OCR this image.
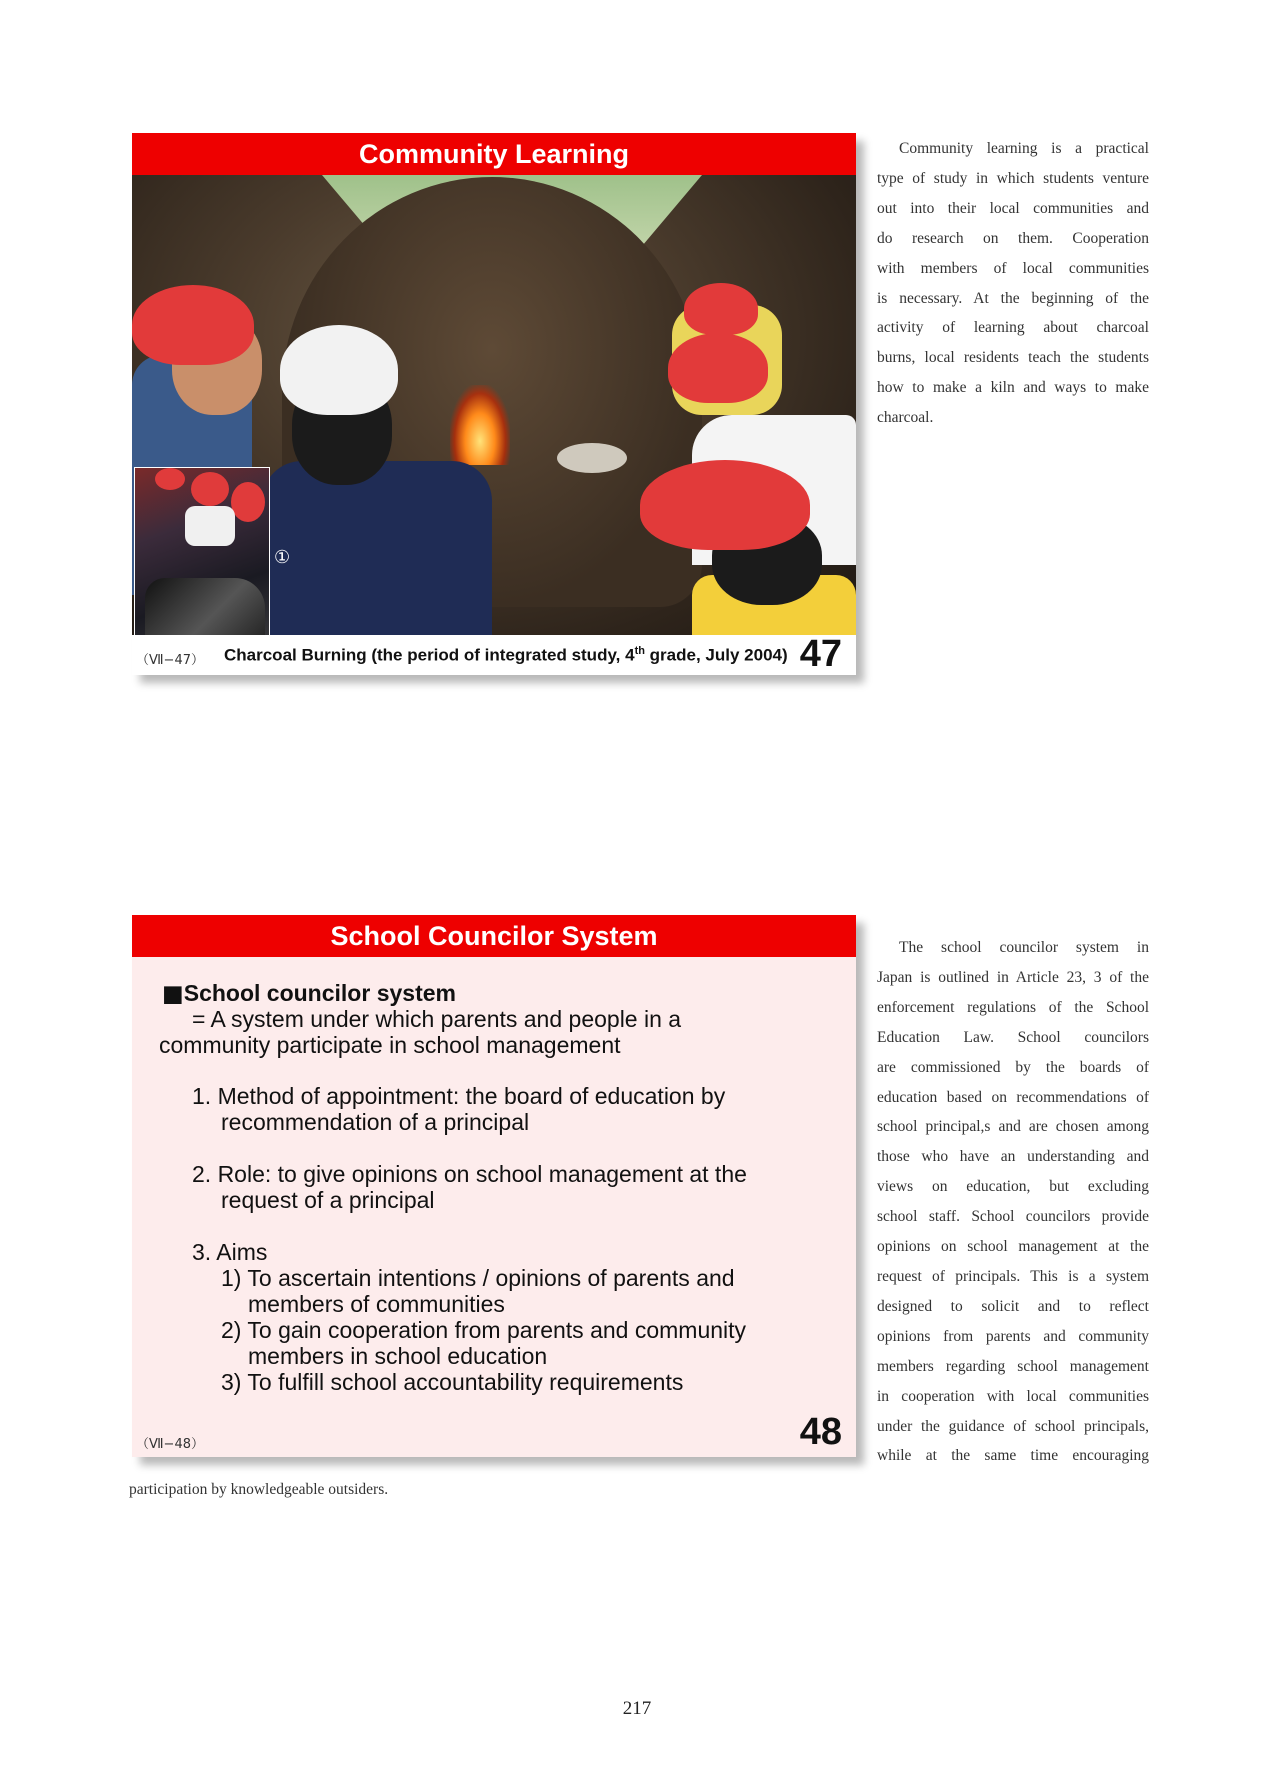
Community Learning
①
（Ⅶ−47） Charcoal Burning (the period of integrated study, 4th grade, July 2004) 47
Community learning is a practical
type of study in which students venture
out into their local communities and
do research on them. Cooperation
with members of local communities
is necessary. At the beginning of the
activity of learning about charcoal
burns, local residents teach the students
how to make a kiln and ways to make
charcoal.
School Councilor System
■School councilor system
= A system under which parents and people in a
community participate in school management
1. Method of appointment: the board of education by
recommendation of a principal
2. Role: to give opinions on school management at the
request of a principal
3. Aims
1) To ascertain intentions / opinions of parents and
members of communities
2) To gain cooperation from parents and community
members in school education
3) To fulfill school accountability requirements
（Ⅶ−48）	48
The school councilor system in
Japan is outlined in Article 23, 3 of the
enforcement regulations of the School
Education Law. School councilors
are commissioned by the boards of
education based on recommendations of
school principal,s and are chosen among
those who have an understanding and
views on education, but excluding
school staff. School councilors provide
opinions on school management at the
request of principals. This is a system
designed to solicit and to reflect
opinions from parents and community
members regarding school management
in cooperation with local communities
under the guidance of school principals,
while at the same time encouraging
participation by knowledgeable outsiders.
217
